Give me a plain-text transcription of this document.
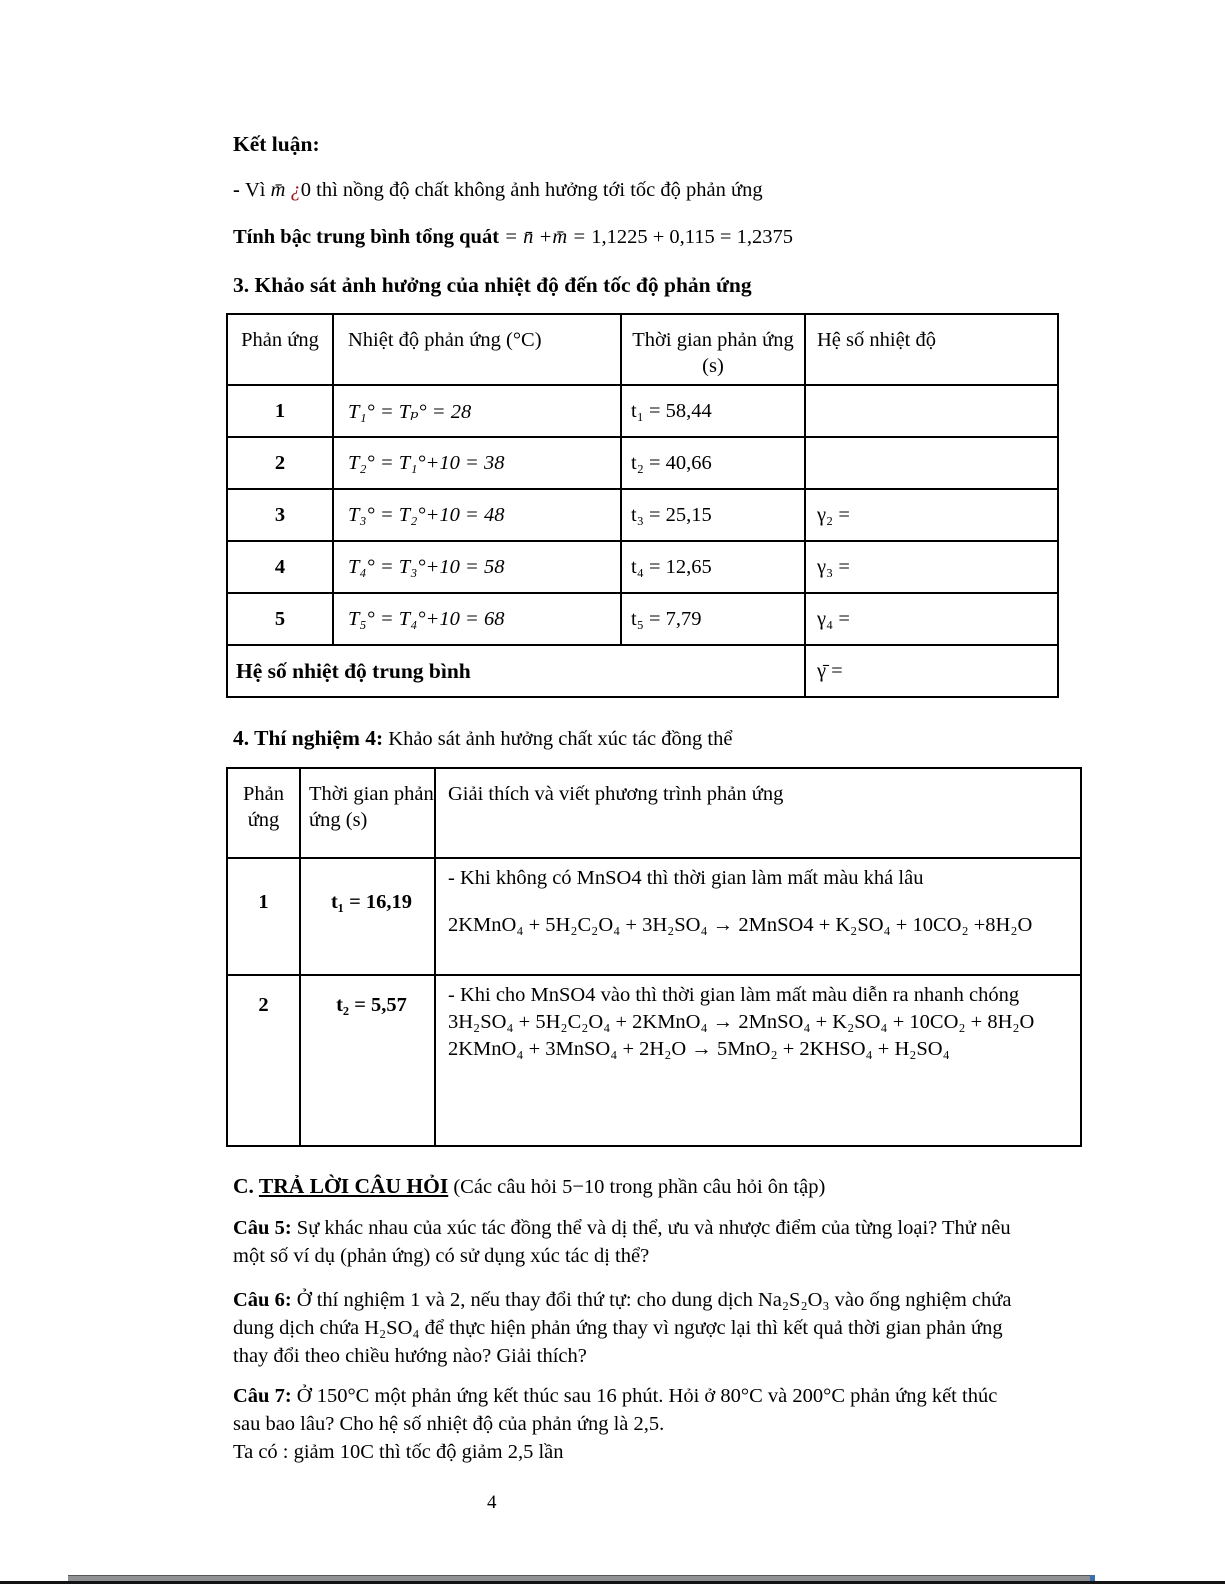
Kết luận:
- Vì m̄ ¿0 thì nồng độ chất không ảnh hưởng tới tốc độ phản ứng
Tính bậc trung bình tổng quát = n̄ +m̄ = 1,1225 + 0,115 = 1,2375
3. Khảo sát ảnh hưởng của nhiệt độ đến tốc độ phản ứng
Phản ứng	Nhiệt độ phản ứng (°C)	Thời gian phản ứng (s)	Hệ số nhiệt độ
1	T₁° = Tₚ° = 28	t₁ = 58,44	
2	T₂° = T₁°+10 = 38	t₂ = 40,66	
3	T₃° = T₂°+10 = 48	t₃ = 25,15	γ₂ =
4	T₄° = T₃°+10 = 58	t₄ = 12,65	γ₃ =
5	T₅° = T₄°+10 = 68	t₅ = 7,79	γ₄ =
Hệ số nhiệt độ trung bình			γ̄ =
4. Thí nghiệm 4: Khảo sát ảnh hưởng chất xúc tác đồng thể
Phản ứng	Thời gian phản ứng (s)	Giải thích và viết phương trình phản ứng
1	t₁ = 16,19	- Khi không có MnSO4 thì thời gian làm mất màu khá lâu
2KMnO₄ + 5H₂C₂O₄ + 3H₂SO₄ → 2MnSO4 + K₂SO₄ + 10CO₂ +8H₂O

2	t₂ = 5,57	- Khi cho MnSO4 vào thì thời gian làm mất màu diễn ra nhanh chóng
3H₂SO₄ + 5H₂C₂O₄ + 2KMnO₄ → 2MnSO₄ + K₂SO₄ + 10CO₂ + 8H₂O
2KMnO₄ + 3MnSO₄ + 2H₂O → 5MnO₂ + 2KHSO₄ + H₂SO₄
C. TRẢ LỜI CÂU HỎI (Các câu hỏi 5−10 trong phần câu hỏi ôn tập)
Câu 5: Sự khác nhau của xúc tác đồng thể và dị thể, ưu và nhược điểm của từng loại? Thử nêu một số ví dụ (phản ứng) có sử dụng xúc tác dị thể?
Câu 6: Ở thí nghiệm 1 và 2, nếu thay đổi thứ tự: cho dung dịch Na₂S₂O₃ vào ống nghiệm chứa dung dịch chứa H₂SO₄ để thực hiện phản ứng thay vì ngược lại thì kết quả thời gian phản ứng thay đổi theo chiều hướng nào? Giải thích?
Câu 7: Ở 150°C một phản ứng kết thúc sau 16 phút. Hỏi ở 80°C và 200°C phản ứng kết thúc sau bao lâu? Cho hệ số nhiệt độ của phản ứng là 2,5.
Ta có : giảm 10C thì tốc độ giảm 2,5 lần
4
